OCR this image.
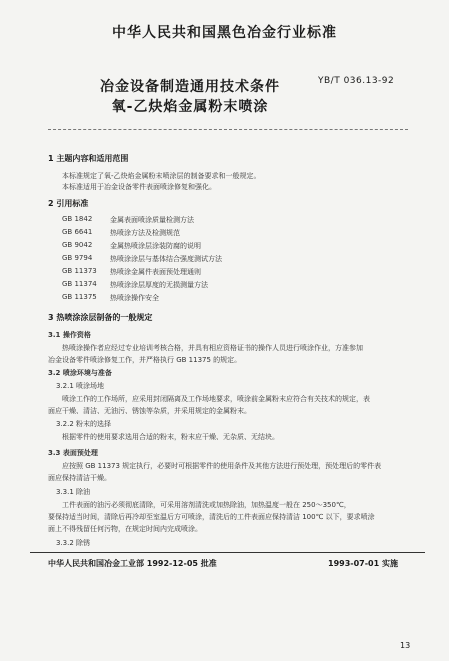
中华人民共和国黑色冶金行业标准
冶金设备制造通用技术条件
氧-乙炔焰金属粉末喷涂
YB/T 036.13-92
1 主题内容和适用范围
本标准规定了氧-乙炔焰金属粉末喷涂层的制备要求和一般规定。
本标准适用于冶金设备零件表面喷涂修复和强化。
2 引用标准
GB 1842	金属表面喷涂质量检测方法
GB 6641	热喷涂方法及检测规范
GB 9042	金属热喷涂层涂装防腐的说明
GB 9794	热喷涂涂层与基体结合强度测试方法
GB 11373	热喷涂金属件表面预处理通则
GB 11374	热喷涂涂层厚度的无损测量方法
GB 11375	热喷涂操作安全
3 热喷涂涂层制备的一般规定
3.1 操作资格
热喷涂操作者应经过专业培训考核合格，并具有相应资格证书的操作人员进行喷涂作业，方准参加
冶金设备零件喷涂修复工作，并严格执行 GB 11375 的规定。
3.2 喷涂环境与准备
3.2.1 喷涂场地
喷涂工作的工作场所，应采用封闭隔离及工作场地要求，喷涂前金属粉末应符合有关技术的规定，表
面应干燥、清洁、无油污、锈蚀等杂质，并采用规定的金属粉末。
3.2.2 粉末的选择
根据零件的使用要求选用合适的粉末，粉末应干燥、无杂质、无结块。
3.3 表面预处理
应按照 GB 11373 规定执行，必要时可根据零件的使用条件及其他方法进行预处理，预处理后的零件表
面应保持清洁干燥。
3.3.1 除油
工件表面的油污必须彻底清除，可采用溶剂清洗或加热除油，加热温度一般在 250～350℃，
要保持适当时间，清除后再冷却至室温后方可喷涂，清洗后的工件表面应保持清洁 100℃ 以下，要求喷涂
面上不得残留任何污物，在规定时间内完成喷涂。
3.3.2 除锈
中华人民共和国冶金工业部 1992-12-05 批准	1993-07-01 实施
13
